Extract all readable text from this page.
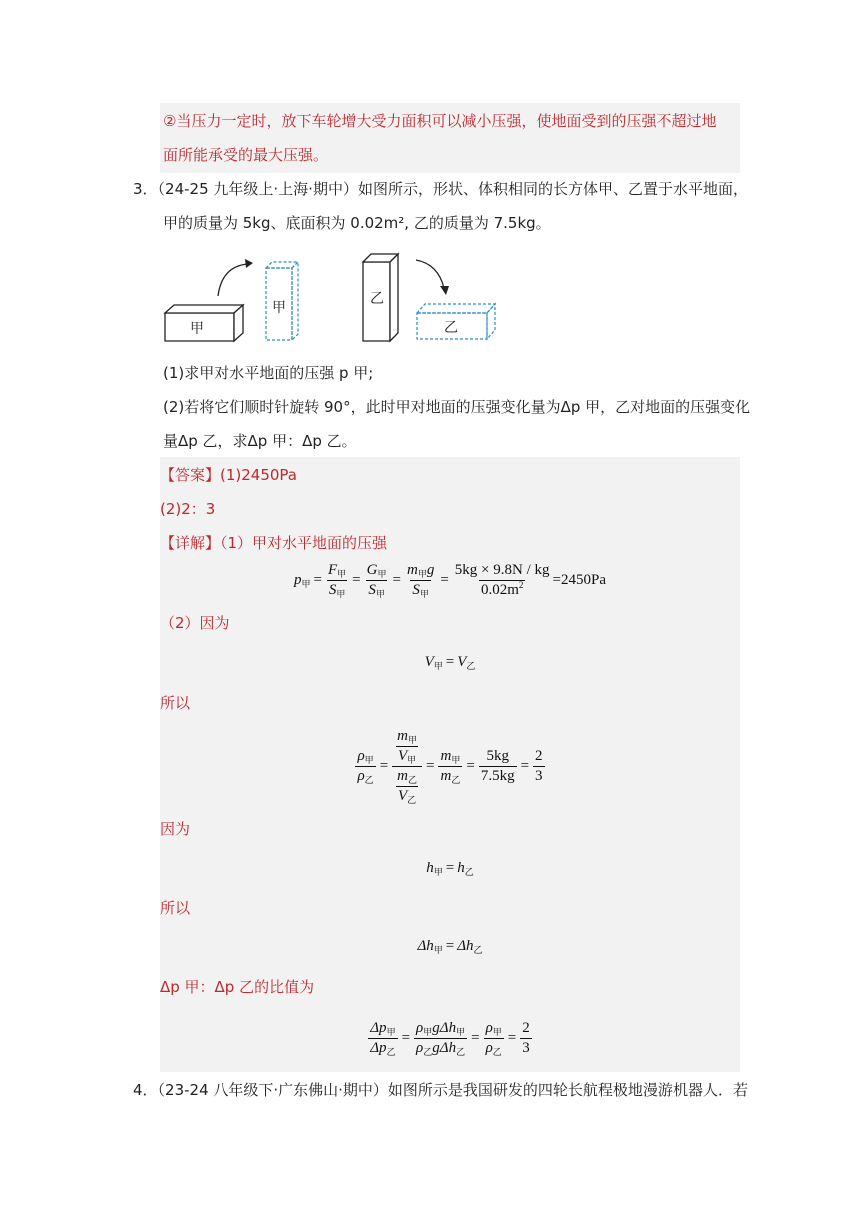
②当压力一定时，放下车轮增大受力面积可以减小压强，使地面受到的压强不超过地
面所能承受的最大压强。
3．（24-25 九年级上·上海·期中）如图所示，形状、体积相同的长方体甲、乙置于水平地面，
甲的质量为 5kg、底面积为 0.02m², 乙的质量为 7.5kg。
甲
甲
乙
乙
(1)求甲对水平地面的压强 p 甲;
(2)若将它们顺时针旋转 90°，此时甲对地面的压强变化量为Δp 甲，乙对地面的压强变化
量Δp 乙，求Δp 甲：Δp 乙。
【答案】(1)2450Pa
(2)2：3
【详解】（1）甲对水平地面的压强
p 甲 = $\frac{F_甲}{S_甲} = \frac{G_甲}{S_甲} = \frac{m_甲g}{S_甲} = \frac{5kg \times 9.8N / kg}{0.02m^2} =2450Pa$
（2）因为
V 甲 = V 乙
所以
$\frac{\rho_甲}{\rho_乙} = \frac{\frac{m_甲}{V_甲}}{\frac{m_乙}{V_乙}} = \frac{m_甲}{m_乙} = \frac{5kg}{7.5kg} = \frac{2}{3}$
因为
h 甲 = h 乙
所以
Δh 甲 = Δh 乙
Δp 甲：Δp 乙的比值为
$\frac{\Delta p_甲}{\Delta p_乙} = \frac{\rho_甲g\Delta h_甲}{\rho_乙g\Delta h_乙} = \frac{\rho_甲}{\rho_乙} = \frac{2}{3}$
4．（23-24 八年级下·广东佛山·期中）如图所示是我国研发的四轮长航程极地漫游机器人．若
